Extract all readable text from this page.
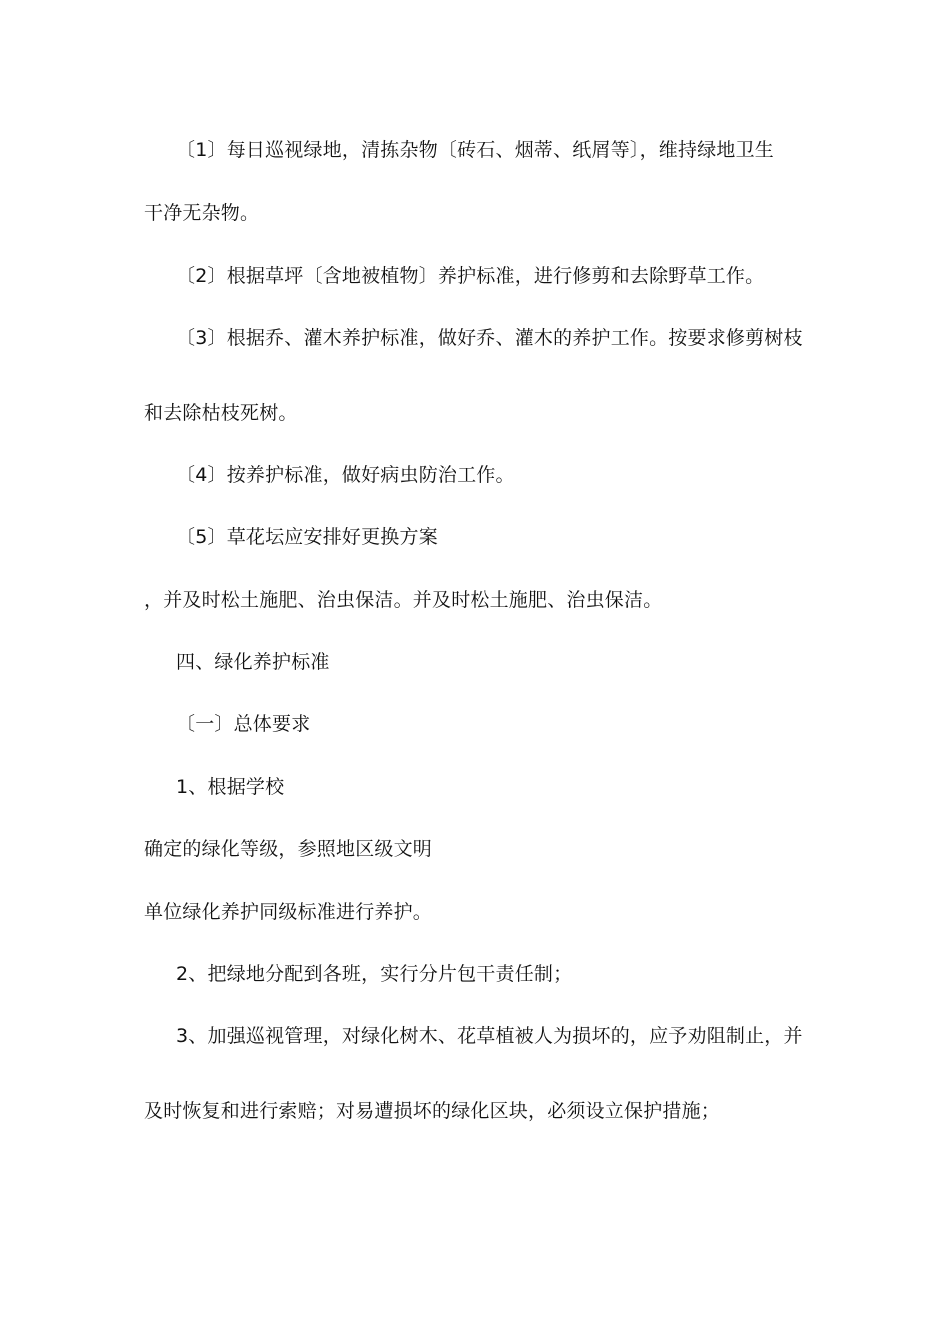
〔1〕每日巡视绿地，清拣杂物〔砖石、烟蒂、纸屑等〕，维持绿地卫生
干净无杂物。
〔2〕根据草坪〔含地被植物〕养护标准，进行修剪和去除野草工作。
〔3〕根据乔、灌木养护标准，做好乔、灌木的养护工作。按要求修剪树枝
和去除枯枝死树。
〔4〕按养护标准，做好病虫防治工作。
〔5〕草花坛应安排好更换方案
，并及时松土施肥、治虫保洁。并及时松土施肥、治虫保洁。
四、绿化养护标准
〔一〕总体要求
1、根据学校
确定的绿化等级，参照地区级文明
单位绿化养护同级标准进行养护。
2、把绿地分配到各班，实行分片包干责任制；
3、加强巡视管理，对绿化树木、花草植被人为损坏的，应予劝阻制止，并
及时恢复和进行索赔；对易遭损坏的绿化区块，必须设立保护措施；
